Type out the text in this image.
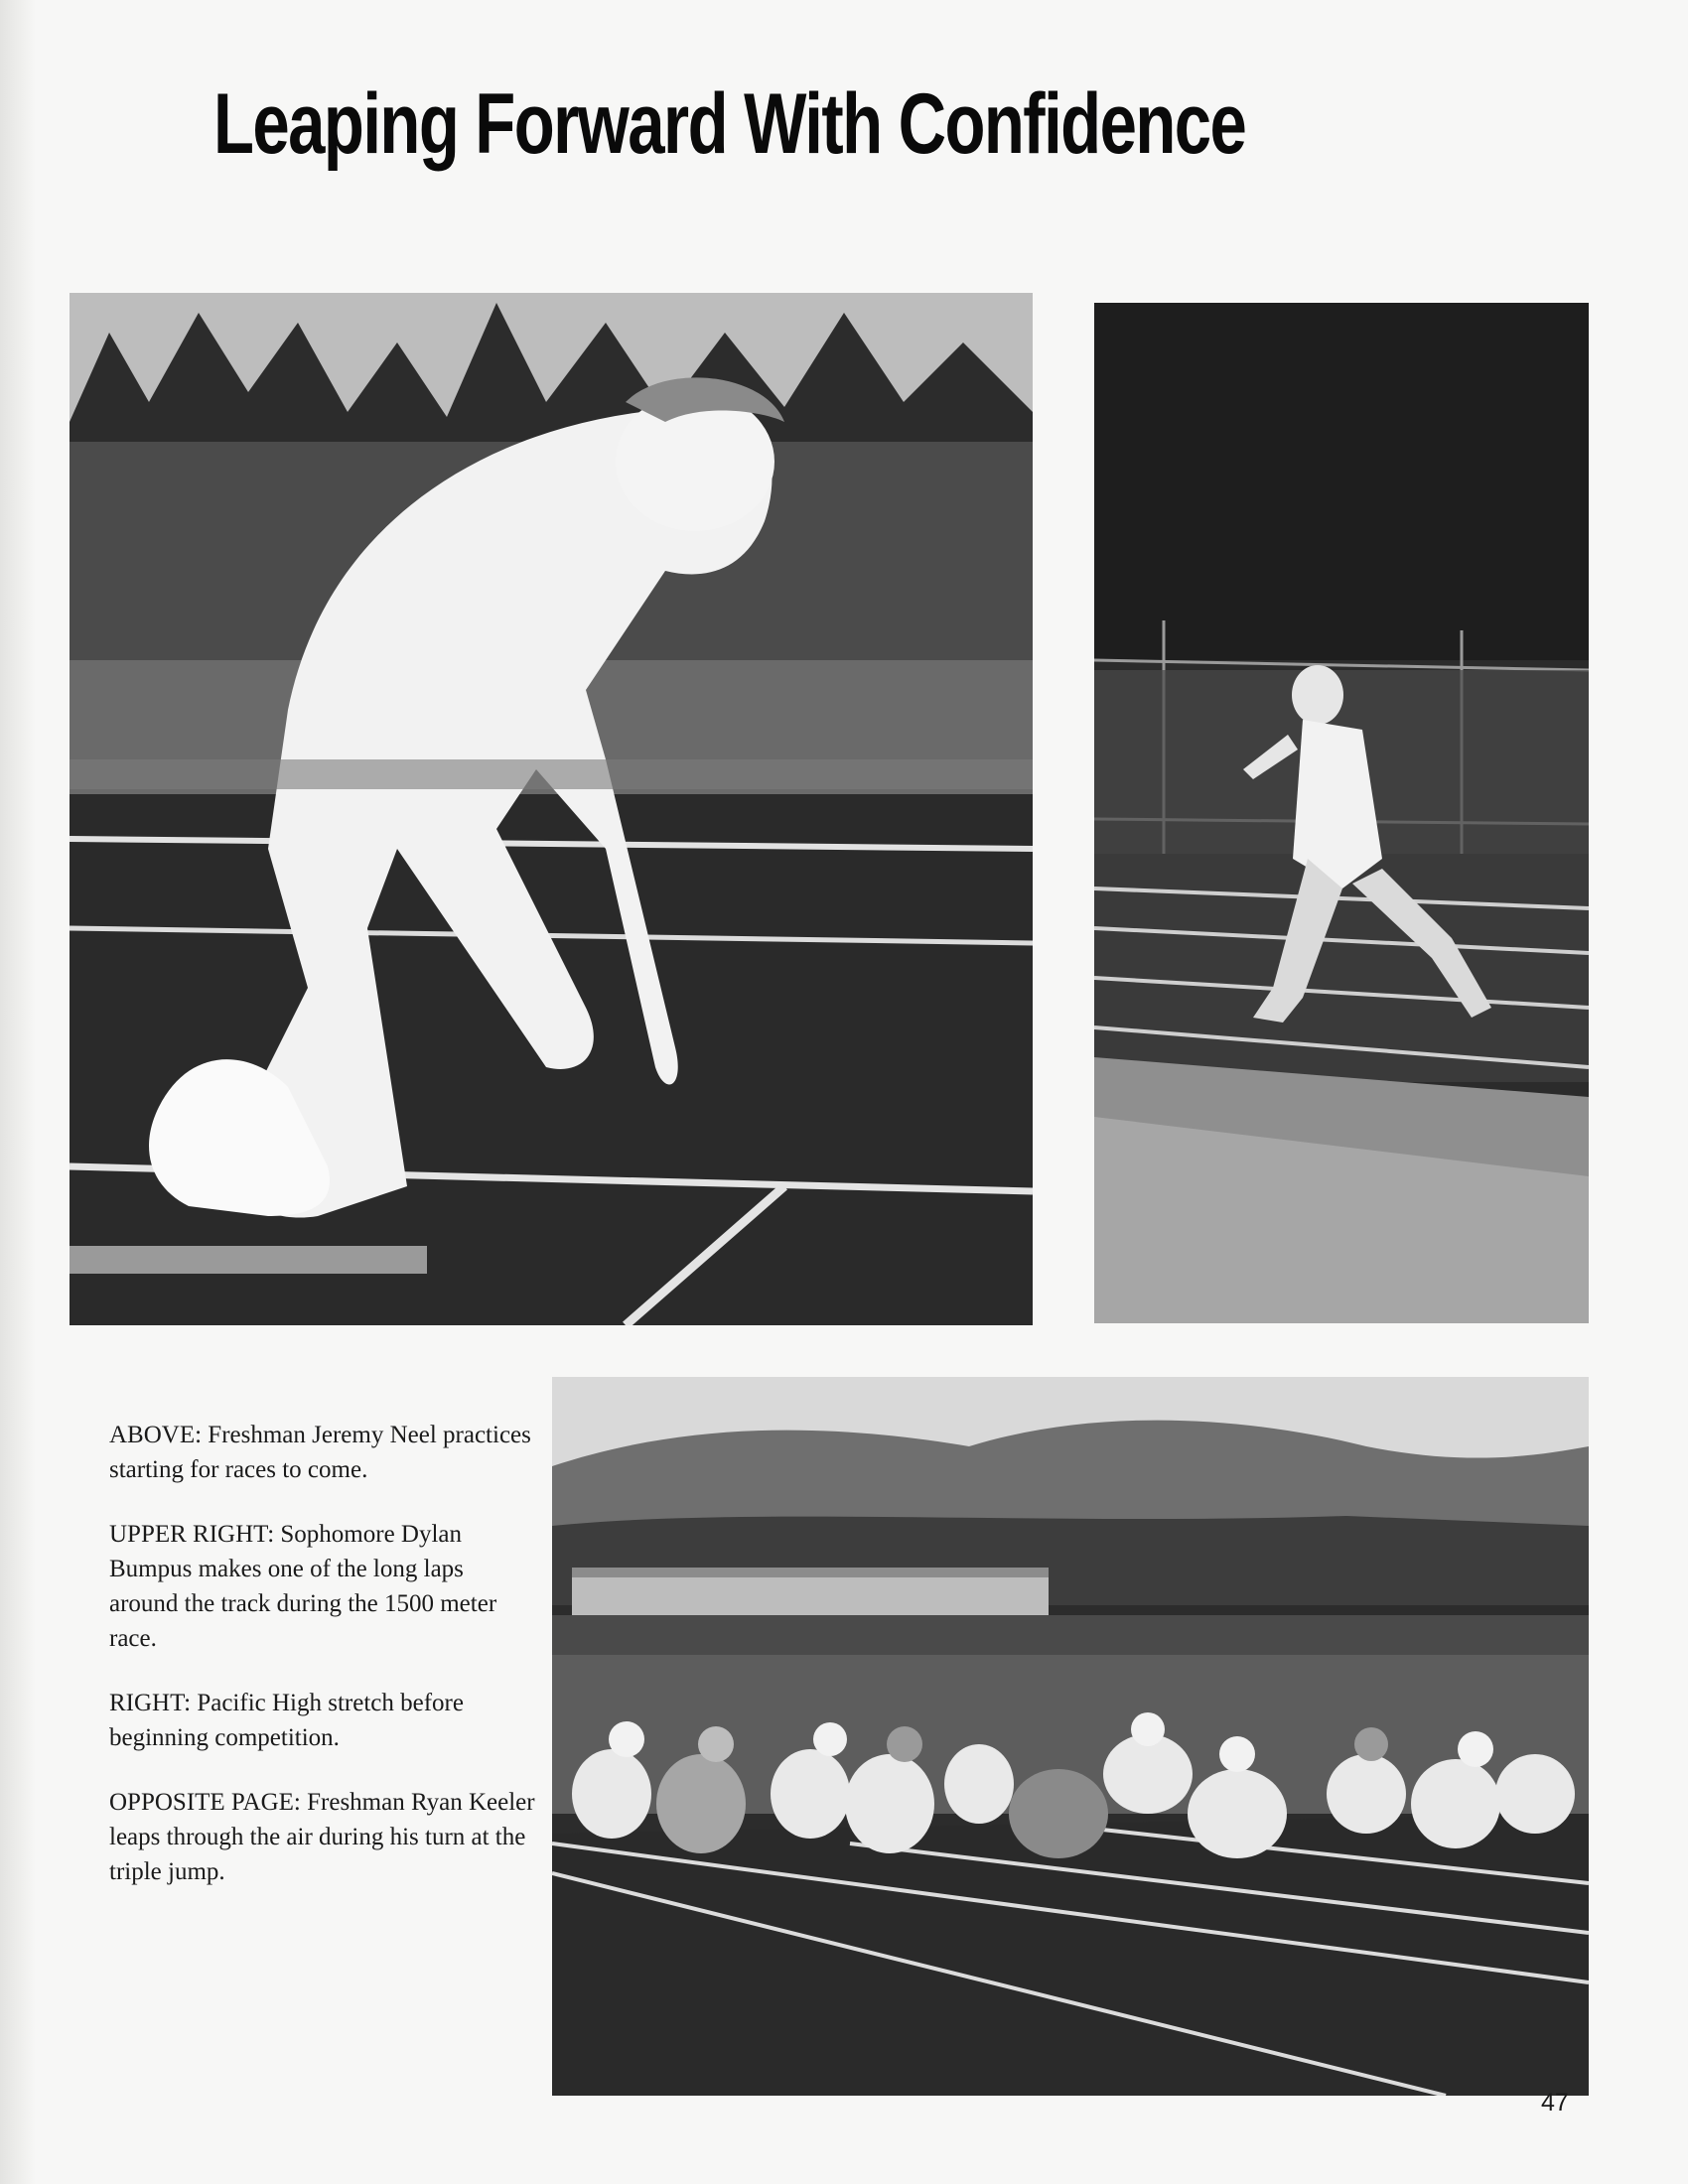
Leaping Forward With Confidence

ABOVE: Freshman Jeremy Neel practices starting for races to come.

UPPER RIGHT: Sophomore Dylan Bumpus makes one of the long laps around the track during the 1500 meter race.

RIGHT: Pacific High stretch before beginning competition.

OPPOSITE PAGE: Freshman Ryan Keeler leaps through the air during his turn at the triple jump.

47
